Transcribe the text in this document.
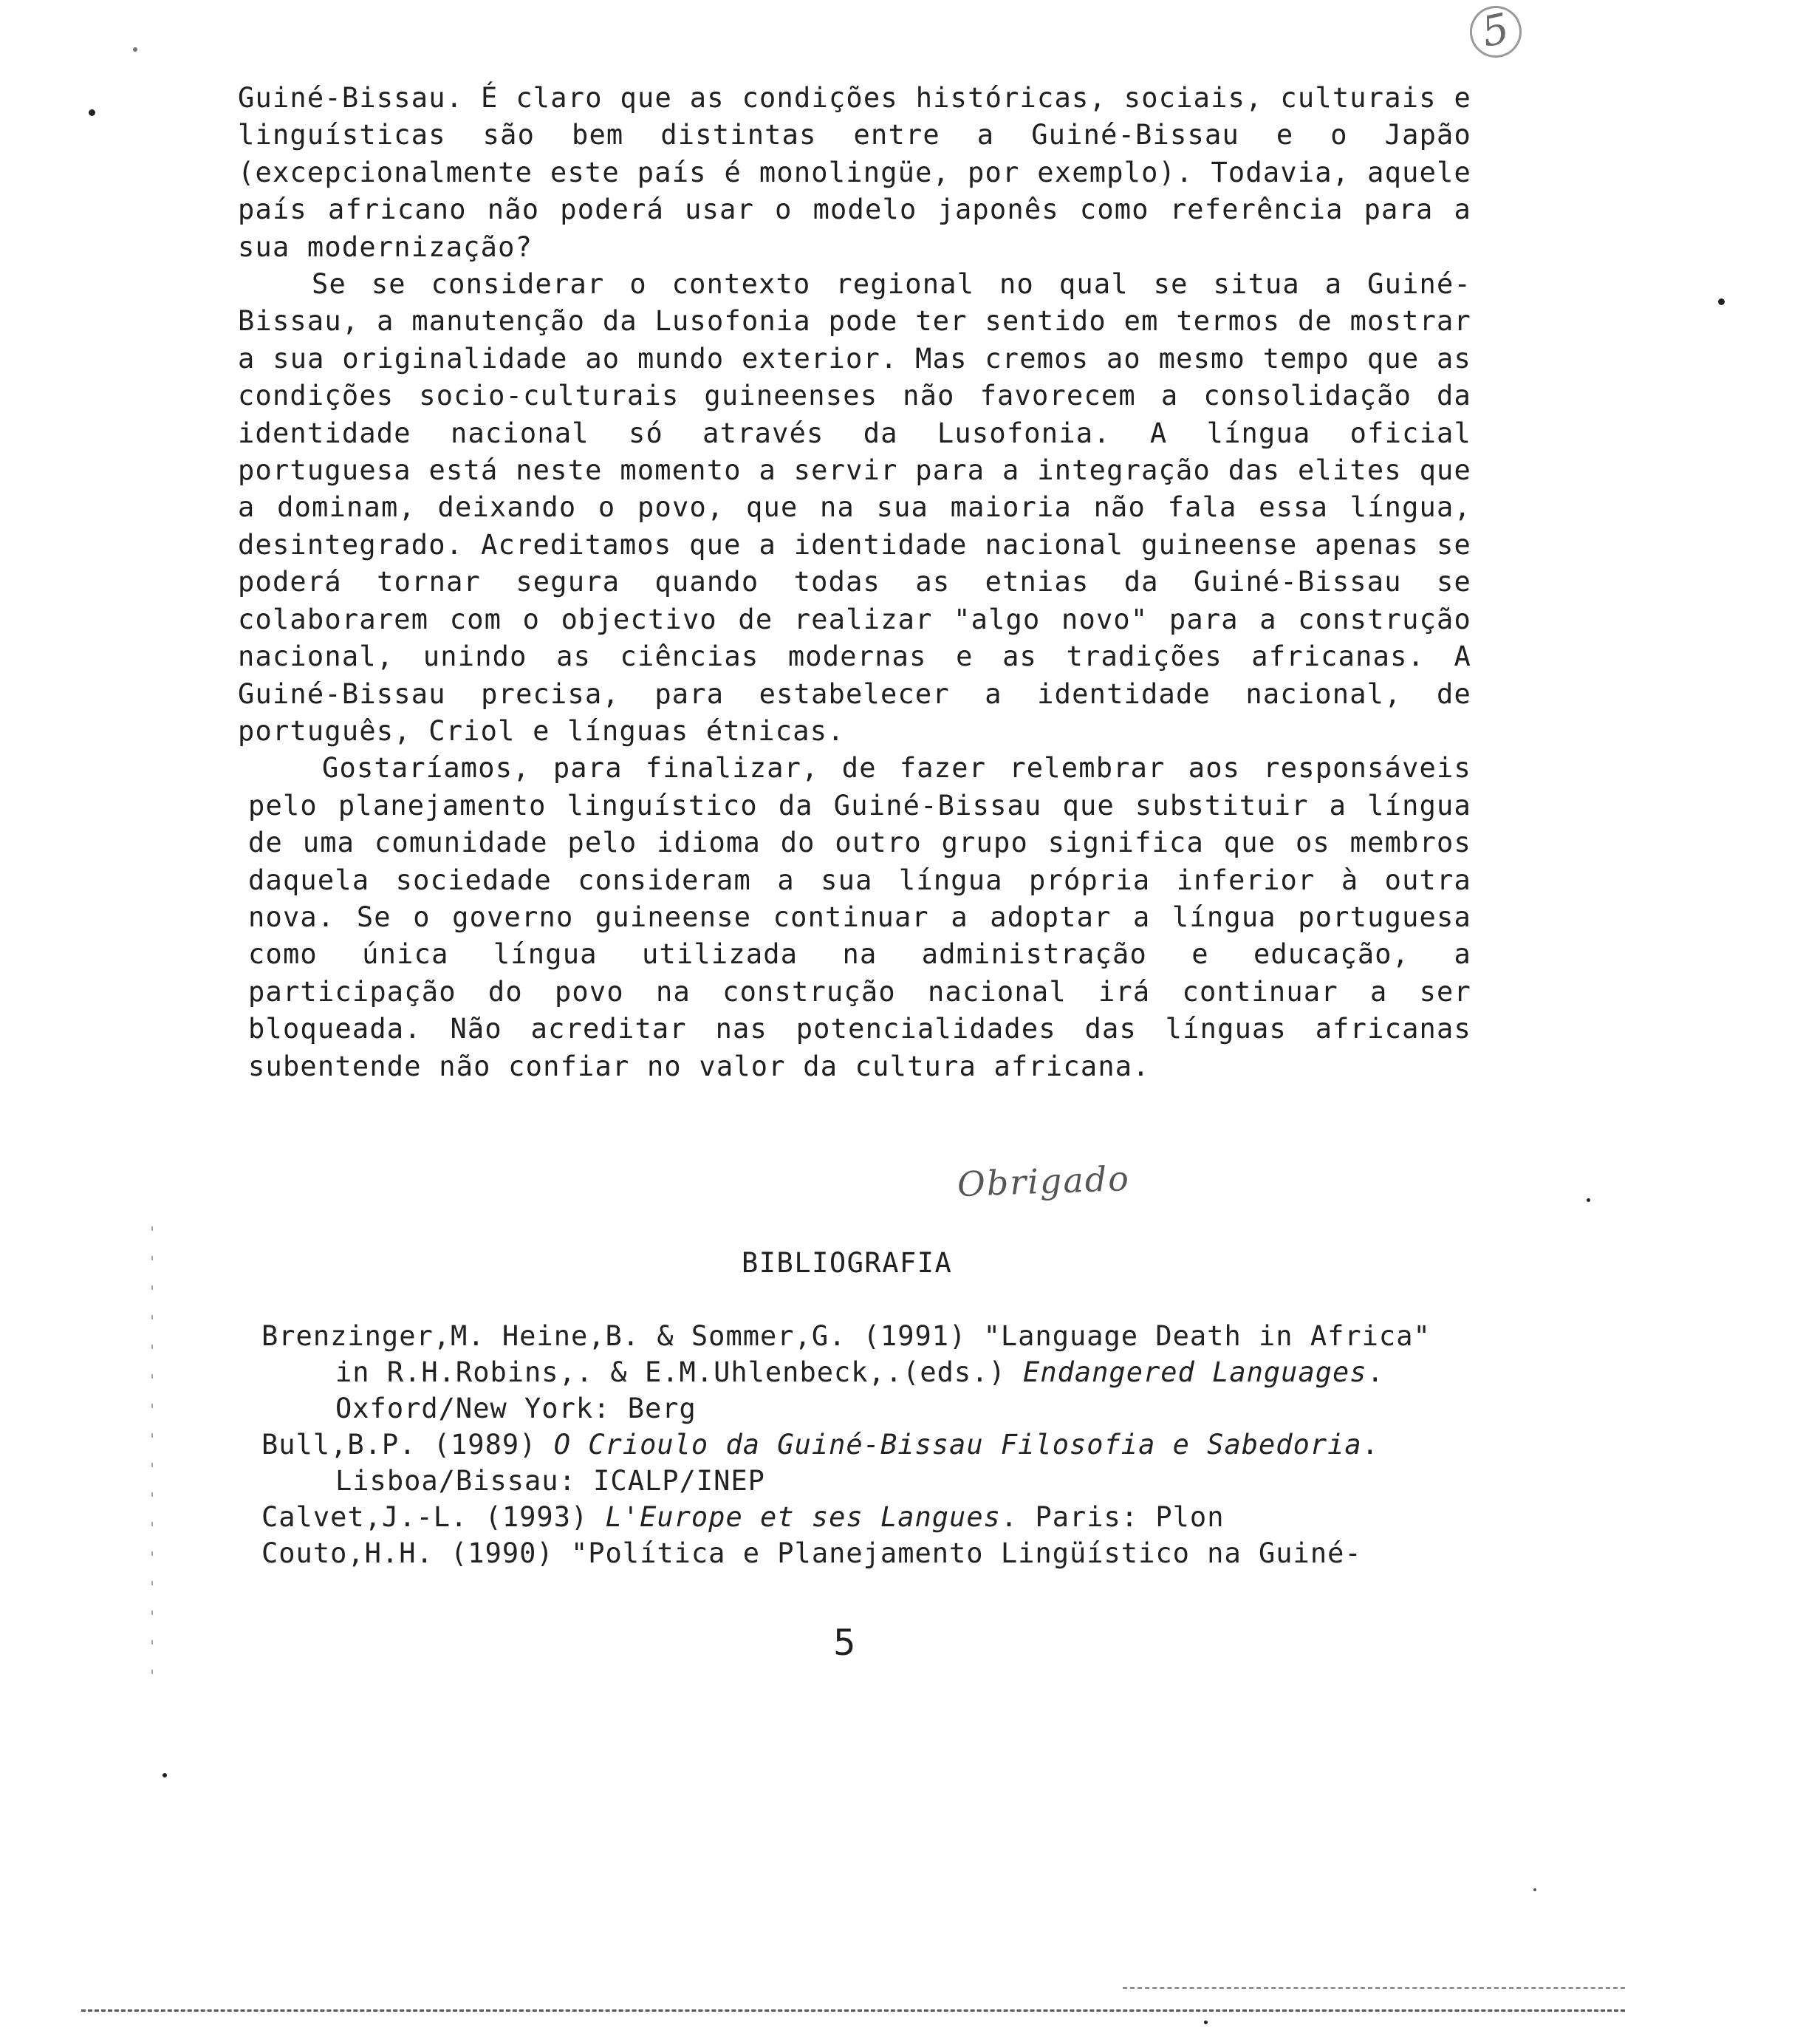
5

Guiné-Bissau. É claro que as condições históricas, sociais, culturais e linguísticas são bem distintas entre a Guiné-Bissau e o Japão (excepcionalmente este país é monolingüe, por exemplo). Todavia, aquele país africano não poderá usar o modelo japonês como referência para a sua modernização?

Se se considerar o contexto regional no qual se situa a Guiné-Bissau, a manutenção da Lusofonia pode ter sentido em termos de mostrar a sua originalidade ao mundo exterior. Mas cremos ao mesmo tempo que as condições socio-culturais guineenses não favorecem a consolidação da identidade nacional só através da Lusofonia. A língua oficial portuguesa está neste momento a servir para a integração das elites que a dominam, deixando o povo, que na sua maioria não fala essa língua, desintegrado. Acreditamos que a identidade nacional guineense apenas se poderá tornar segura quando todas as etnias da Guiné-Bissau se colaborarem com o objectivo de realizar "algo novo" para a construção nacional, unindo as ciências modernas e as tradições africanas. A Guiné-Bissau precisa, para estabelecer a identidade nacional, de português, Criol e línguas étnicas.

Gostaríamos, para finalizar, de fazer relembrar aos responsáveis pelo planejamento linguístico da Guiné-Bissau que substituir a língua de uma comunidade pelo idioma do outro grupo significa que os membros daquela sociedade consideram a sua língua própria inferior à outra nova. Se o governo guineense continuar a adoptar a língua portuguesa como única língua utilizada na administração e educação, a participação do povo na construção nacional irá continuar a ser bloqueada. Não acreditar nas potencialidades das línguas africanas subentende não confiar no valor da cultura africana.

Obrigado
BIBLIOGRAFIA

Brenzinger,M. Heine,B. & Sommer,G. (1991) "Language Death in Africa" in R.H.Robins,. & E.M.Uhlenbeck,.(eds.) Endangered Languages. Oxford/New York: Berg

Bull,B.P. (1989) O Crioulo da Guiné-Bissau Filosofia e Sabedoria. Lisboa/Bissau: ICALP/INEP

Calvet,J.-L. (1993) L'Europe et ses Langues. Paris: Plon

Couto,H.H. (1990) "Política e Planejamento Lingüístico na Guiné-

5
